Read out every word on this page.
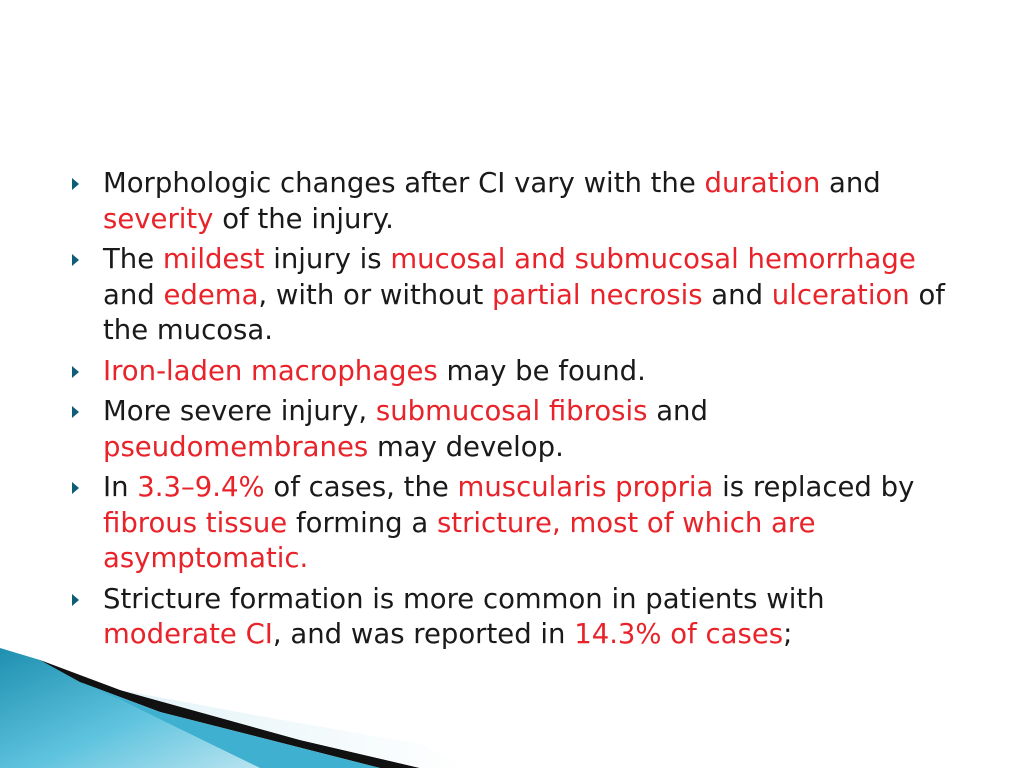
Morphologic changes after CI vary with the duration and severity of the injury.
The mildest injury is mucosal and submucosal hemorrhage and edema, with or without partial necrosis and ulceration of the mucosa.
Iron-laden macrophages may be found.
More severe injury, submucosal fibrosis and pseudomembranes may develop.
In 3.3–9.4% of cases, the muscularis propria is replaced by fibrous tissue forming a stricture, most of which are asymptomatic.
Stricture formation is more common in patients with moderate CI, and was reported in 14.3% of cases;
